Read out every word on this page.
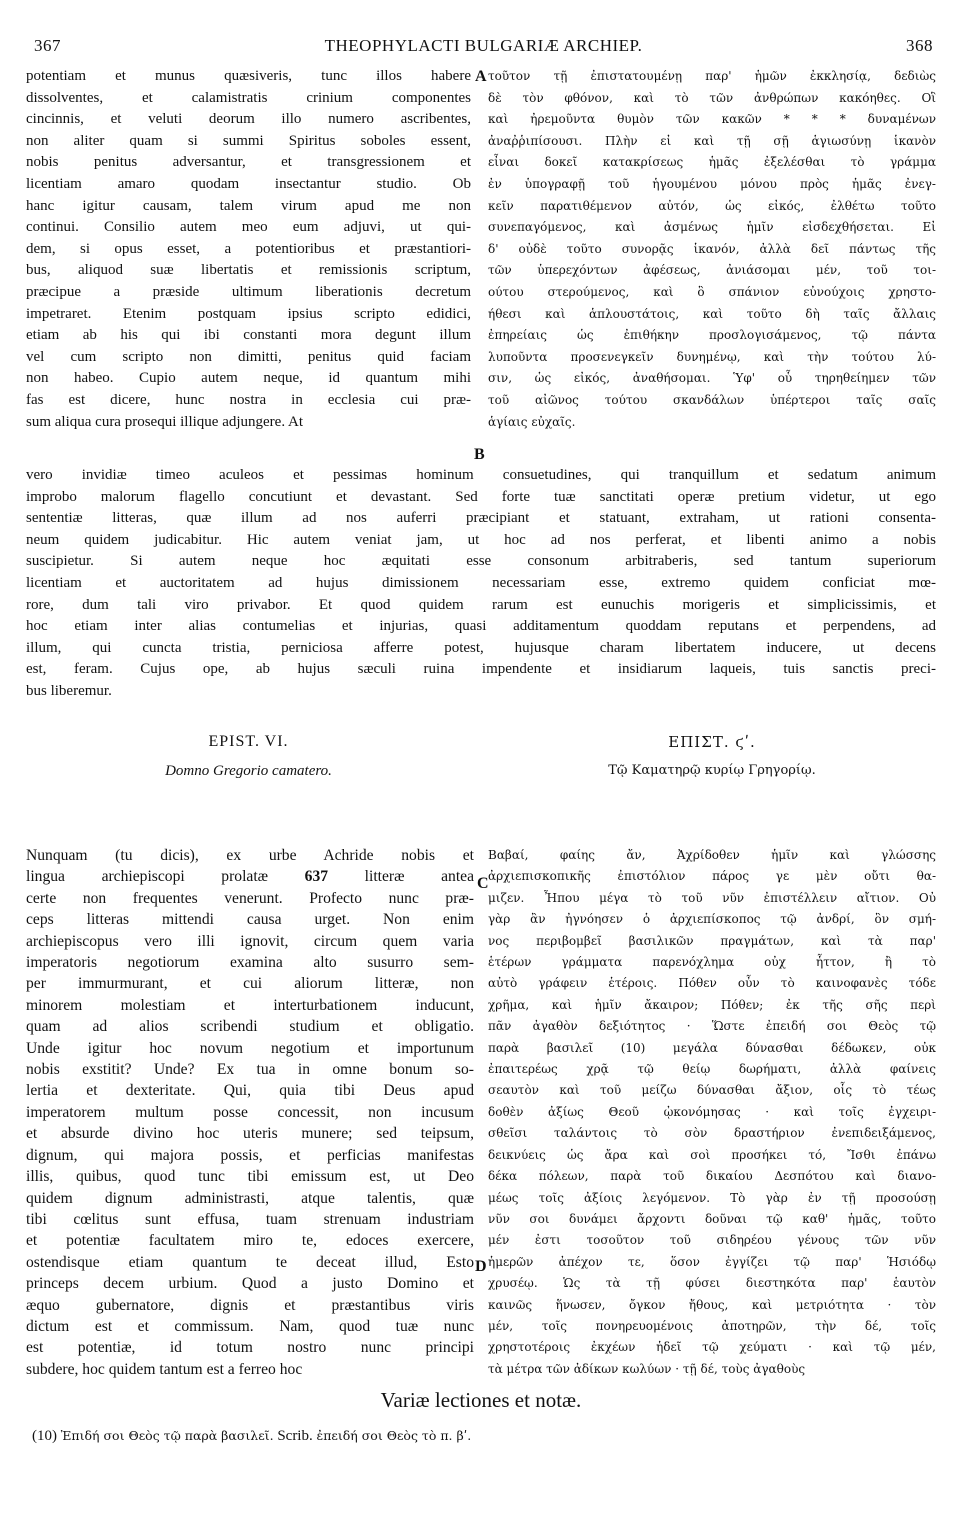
367	THEOPHYLACTI BULGARIÆ ARCHIEP.	368
potentiam et munus quæsiveris, tunc illos habere
dissolventes, et calamistratis crinium componentes
cincinnis, et veluti deorum illo numero ascribentes,
non aliter quam si summi Spiritus soboles essent,
nobis penitus adversantur, et transgressionem et
licentiam amaro quodam insectantur studio. Ob
hanc igitur causam, talem virum apud me non
continui. Consilio autem meo eum adjuvi, ut qui-
dem, si opus esset, a potentioribus et præstantiori-
bus, aliquod suæ libertatis et remissionis scriptum,
præcipue a præside ultimum liberationis decretum
impetraret. Etenim postquam ipsius scripto edidici,
etiam ab his qui ibi constanti mora degunt illum
vel cum scripto non dimitti, penitus quid faciam
non habeo. Cupio autem neque, id quantum mihi
fas est dicere, hunc nostra in ecclesia cui præ-
sum aliqua cura prosequi illique adjungere. At
τοῦτον τῇ ἐπιστατουμένῃ παρ' ἡμῶν ἐκκλησίᾳ, δεδιὼς
δὲ τὸν φθόνον, καὶ τὸ τῶν ἀνθρώπων κακόηθες. Οἳ
καὶ ἠρεμοῦντα θυμὸν τῶν κακῶν * * * δυναμένων
ἀναῤῥιπίσουσι. Πλὴν εἰ καὶ τῇ σῇ ἁγιωσύνῃ ἱκανὸν
εἶναι δοκεῖ κατακρίσεως ἡμᾶς ἐξελέσθαι τὸ γράμμα
ἐν ὑπογραφῇ τοῦ ἡγουμένου μόνου πρὸς ἡμᾶς ἐνεγ-
κεῖν παρατιθέμενον αὐτόν, ὡς εἰκός, ἐλθέτω τοῦτο
συνεπαγόμενος, καὶ ἀσμένως ἡμῖν εἰσδεχθήσεται. Εἰ
δ' οὐδὲ τοῦτο συνορᾷς ἱκανόν, ἀλλὰ δεῖ πάντως τῆς
τῶν ὑπερεχόντων ἀφέσεως, ἀνιάσομαι μέν, τοῦ τοι-
ούτου στερούμενος, καὶ ὃ σπάνιον εὐνούχοις χρηστο-
ήθεσι καὶ ἁπλουστάτοις, καὶ τοῦτο δὴ ταῖς ἄλλαις
ἐπηρείαις ὡς ἐπιθήκην προσλογισάμενος, τῷ πάντα
λυποῦντα προσενεγκεῖν δυνημένῳ, καὶ τὴν τούτου λύ-
σιν, ὡς εἰκός, ἀναθήσομαι. Ὑφ' οὗ τηρηθείημεν τῶν
τοῦ αἰῶνος τούτου σκανδάλων ὑπέρτεροι ταῖς σαῖς
ἁγίαις εὐχαῖς.
A
B
C
D
vero invidiæ timeo aculeos et pessimas hominum consuetudines, qui tranquillum et sedatum animum
improbo malorum flagello concutiunt et devastant. Sed forte tuæ sanctitati operæ pretium videtur, ut ego
sententiæ litteras, quæ illum ad nos auferri præcipiant et statuant, extraham, ut rationi consenta-
neum quidem judicabitur. Hic autem veniat jam, ut hoc ad nos perferat, et libenti animo a nobis
suscipietur. Si autem neque hoc æquitati esse consonum arbitraberis, sed tantum superiorum
licentiam et auctoritatem ad hujus dimissionem necessariam esse, extremo quidem conficiat mœ-
rore, dum tali viro privabor. Et quod quidem rarum est eunuchis morigeris et simplicissimis, et
hoc etiam inter alias contumelias et injurias, quasi additamentum quoddam reputans et perpendens, ad
illum, qui cuncta tristia, perniciosa afferre potest, hujusque charam libertatem inducere, ut decens
est, feram. Cujus ope, ab hujus sæculi ruina impendente et insidiarum laqueis, tuis sanctis preci-
bus liberemur.
EPIST. VI.	ΕΠΙΣΤ. ϛʹ.
Domno Gregorio camatero.	Τῷ Καματηρῷ κυρίῳ Γρηγορίῳ.
Nunquam (tu dicis), ex urbe Achride nobis et
lingua archiepiscopi prolatæ 637 litteræ antea
certe non frequentes venerunt. Profecto nunc præ-
ceps litteras mittendi causa urget. Non enim
archiepiscopus vero illi ignovit, circum quem varia
imperatoris negotiorum examina alto susurro sem-
per immurmurant, et cui aliorum litteræ, non
minorem molestiam et interturbationem inducunt,
quam ad alios scribendi studium et obligatio.
Unde igitur hoc novum negotium et importunum
nobis exstitit? Unde? Ex tua in omne bonum so-
lertia et dexteritate. Qui, quia tibi Deus apud
imperatorem multum posse concessit, non incusum
et absurde divino hoc uteris munere; sed teipsum,
dignum, qui majora possis, et perficias manifestas
illis, quibus, quod tunc tibi emissum est, ut Deo
quidem dignum administrasti, atque talentis, quæ
tibi cœlitus sunt effusa, tuam strenuam industriam
et potentiæ facultatem miro te, edoces exercere,
ostendisque etiam quantum te deceat illud, Esto
princeps decem urbium. Quod a justo Domino et
æquo gubernatore, dignis et præstantibus viris
dictum est et commissum. Nam, quod tuæ nunc
est potentiæ, id totum nostro nunc principi
subdere, hoc quidem tantum est a ferreo hoc
Βαβαί, φαίης ἄν, Ἀχρίδοθεν ἡμῖν καὶ γλώσσης
ἀρχιεπισκοπικῆς ἐπιστόλιον πάρος γε μὲν οὔτι θα-
μιζεν. Ἦπου μέγα τὸ τοῦ νῦν ἐπιστέλλειν αἴτιον. Οὐ
γὰρ ἂν ἠγνόησεν ὁ ἀρχιεπίσκοπος τῷ ἀνδρί, ὃν σμή-
νος περιβομβεῖ βασιλικῶν πραγμάτων, καὶ τὰ παρ'
ἑτέρων γράμματα παρενόχλημα οὐχ ἧττον, ἢ τὸ
αὐτὸ γράφειν ἑτέροις. Πόθεν οὖν τὸ καινοφανὲς τόδε
χρῆμα, καὶ ἡμῖν ἄκαιρον; Πόθεν; ἐκ τῆς σῆς περὶ
πᾶν ἀγαθὸν δεξιότητος · Ὥστε ἐπειδή σοι Θεὸς τῷ
παρὰ βασιλεῖ (10) μεγάλα δύνασθαι δέδωκεν, οὐκ
ἐπαιτερέως χρᾷ τῷ θείῳ δωρήματι, ἀλλὰ φαίνεις
σεαυτὸν καὶ τοῦ μείζω δύνασθαι ἄξιον, οἷς τὸ τέως
δοθὲν ἀξίως Θεοῦ ᾠκονόμησας · καὶ τοῖς ἐγχειρι-
σθεῖσι ταλάντοις τὸ σὸν δραστήριον ἐνεπιδειξάμενος,
δεικνύεις ὡς ἄρα καὶ σοὶ προσήκει τό, Ἴσθι ἐπάνω
δέκα πόλεων, παρὰ τοῦ δικαίου Δεσπότου καὶ διανο-
μέως τοῖς ἀξίοις λεγόμενον. Τὸ γὰρ ἐν τῇ προσούσῃ
νῦν σοι δυνάμει ἄρχοντι δοῦναι τῷ καθ' ἡμᾶς, τοῦτο
μέν ἐστι τοσοῦτον τοῦ σιδηρέου γένους τῶν νῦν
ἡμερῶν ἀπέχον τε, ὅσον ἐγγίζει τῷ παρ' Ἡσιόδῳ
χρυσέῳ. Ὡς τὰ τῇ φύσει διεστηκότα παρ' ἑαυτὸν
καινῶς ἥνωσεν, ὄγκον ἤθους, καὶ μετριότητα · τὸν
μέν, τοῖς πονηρευομένοις ἀποτηρῶν, τὴν δέ, τοῖς
χρηστοτέροις ἐκχέων ἡδεῖ τῷ χεύματι · καὶ τῷ μέν,
τὰ μέτρα τῶν ἀδίκων κωλύων · τῇ δέ, τοὺς ἀγαθοὺς
Variæ lectiones et notæ.
(10) Ἐπιδή σοι Θεὸς τῷ παρὰ βασιλεῖ. Scrib. ἐπειδή σοι Θεὸς τὸ π. βʹ.
